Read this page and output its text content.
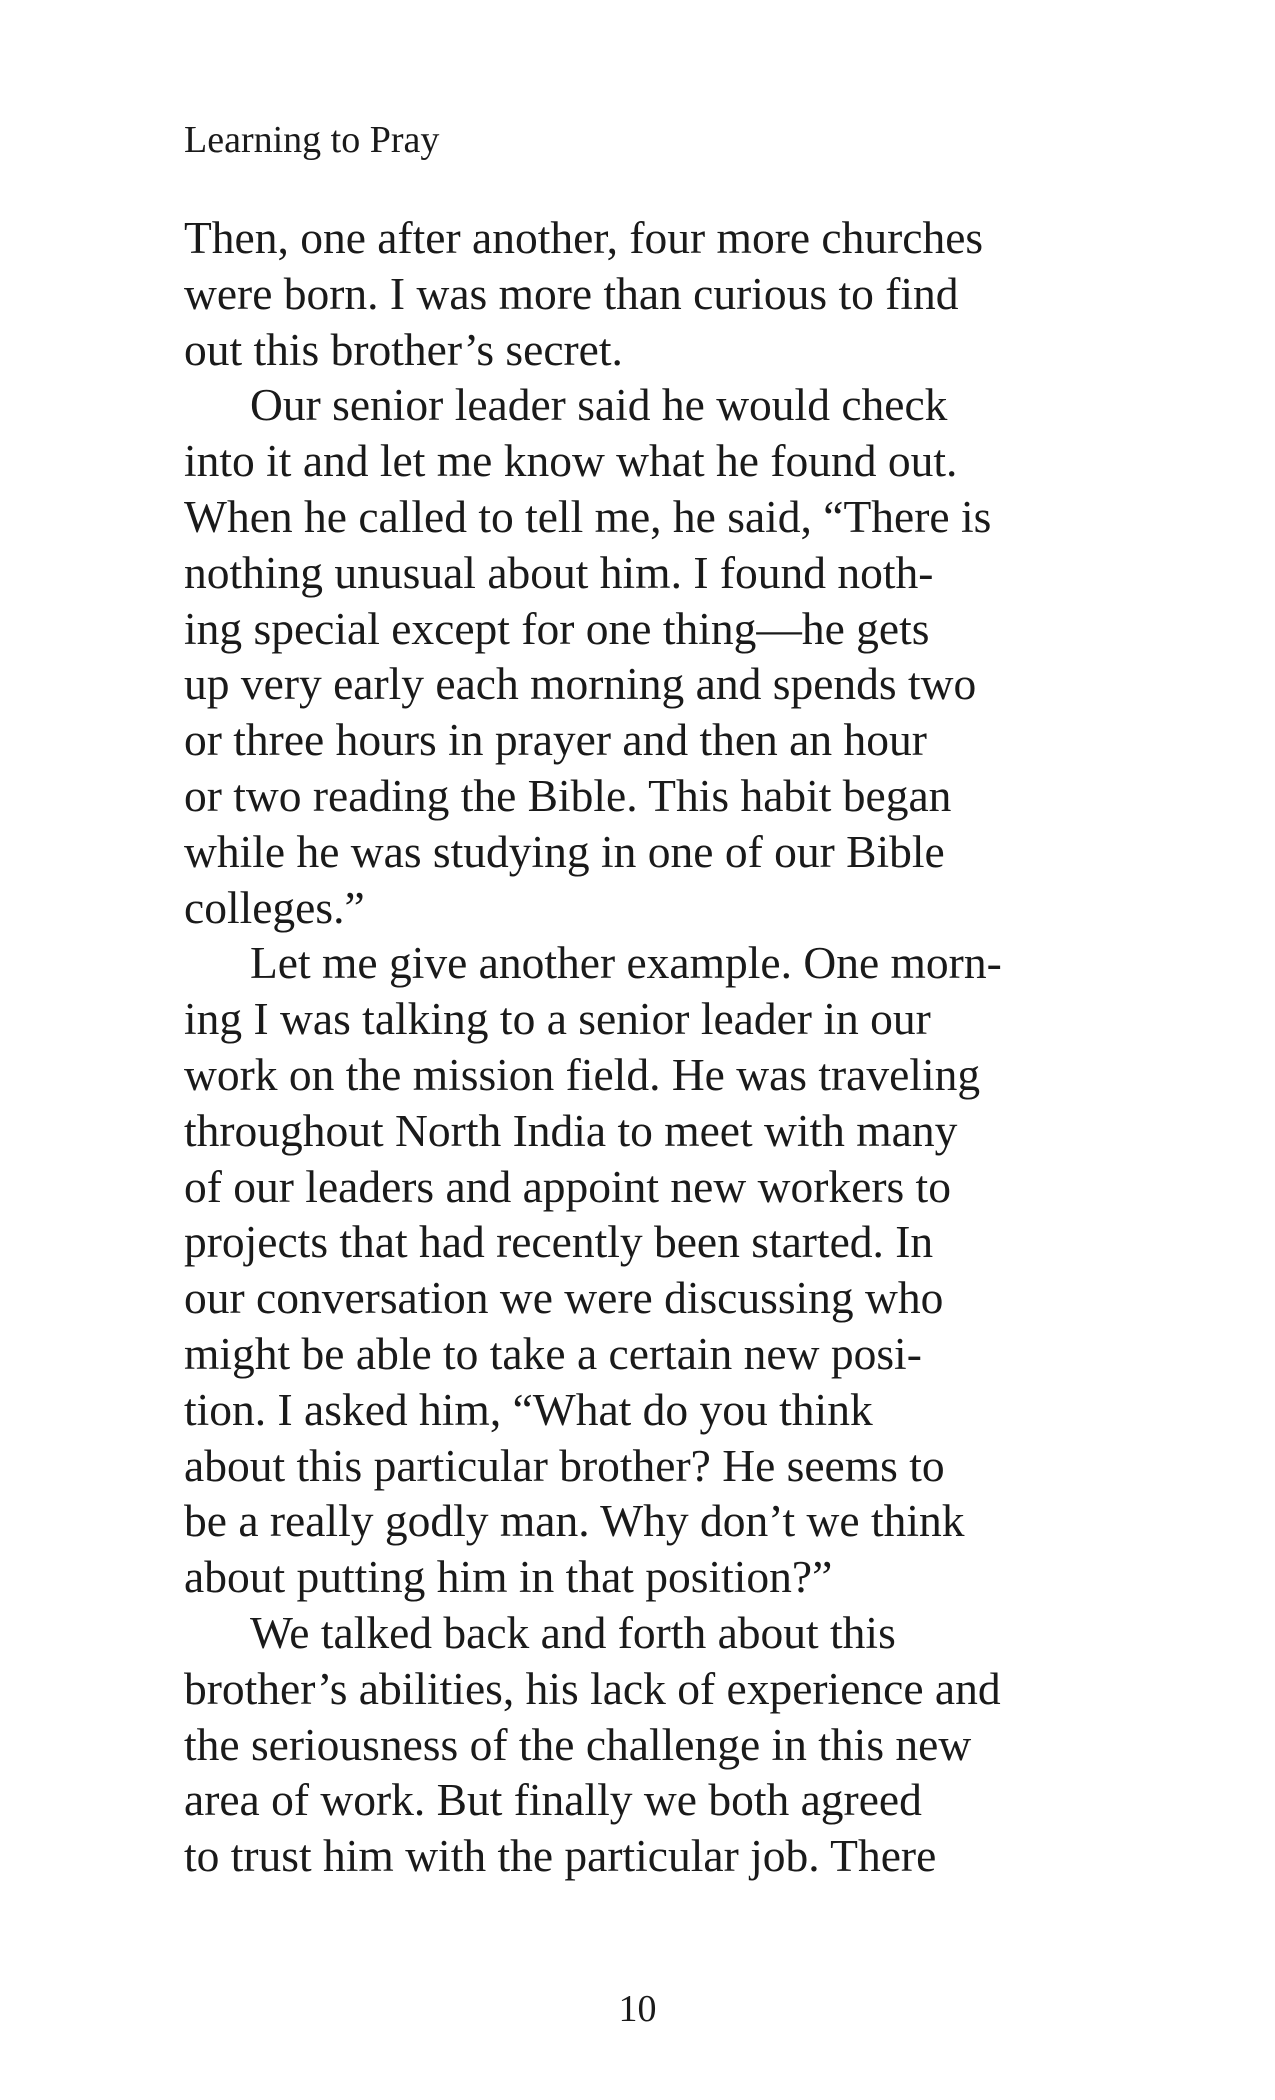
Learning to Pray
Then, one after another, four more churches
were born. I was more than curious to find
out this brother’s secret.
Our senior leader said he would check
into it and let me know what he found out.
When he called to tell me, he said, “There is
nothing unusual about him. I found noth-
ing special except for one thing—he gets
up very early each morning and spends two
or three hours in prayer and then an hour
or two reading the Bible. This habit began
while he was studying in one of our Bible
colleges.”
Let me give another example. One morn-
ing I was talking to a senior leader in our
work on the mission field. He was traveling
throughout North India to meet with many
of our leaders and appoint new workers to
projects that had recently been started. In
our conversation we were discussing who
might be able to take a certain new posi-
tion. I asked him, “What do you think
about this particular brother? He seems to
be a really godly man. Why don’t we think
about putting him in that position?”
We talked back and forth about this
brother’s abilities, his lack of experience and
the seriousness of the challenge in this new
area of work. But finally we both agreed
to trust him with the particular job. There
10
